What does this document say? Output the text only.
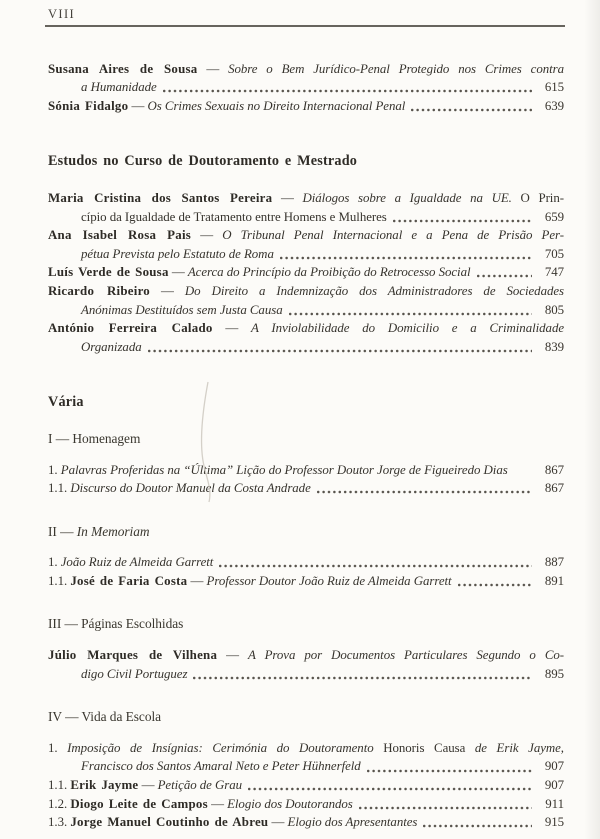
VIII
Susana Aires de Sousa — Sobre o Bem Jurídico-Penal Protegido nos Crimes contra
a Humanidade	615
Sónia Fidalgo — Os Crimes Sexuais no Direito Internacional Penal	639
Estudos no Curso de Doutoramento e Mestrado
Maria Cristina dos Santos Pereira — Diálogos sobre a Igualdade na UE. O Prin-
cípio da Igualdade de Tratamento entre Homens e Mulheres	659
Ana Isabel Rosa Pais — O Tribunal Penal Internacional e a Pena de Prisão Per-
pétua Prevista pelo Estatuto de Roma	705
Luís Verde de Sousa — Acerca do Princípio da Proibição do Retrocesso Social	747
Ricardo Ribeiro — Do Direito a Indemnização dos Administradores de Sociedades
Anónimas Destituídos sem Justa Causa	805
António Ferreira Calado — A Inviolabilidade do Domicilio e a Criminalidade
Organizada	839
Vária
I — Homenagem
1. Palavras Proferidas na “Última” Lição do Professor Doutor Jorge de Figueiredo Dias	867
1.1. Discurso do Doutor Manuel da Costa Andrade	867
II — In Memoriam
1. João Ruiz de Almeida Garrett	887
1.1. José de Faria Costa — Professor Doutor João Ruiz de Almeida Garrett	891
III — Páginas Escolhidas
Júlio Marques de Vilhena — A Prova por Documentos Particulares Segundo o Co-
digo Civil Portuguez	895
IV — Vida da Escola
1. Imposição de Insígnias: Cerimónia do Doutoramento Honoris Causa de Erik Jayme,
Francisco dos Santos Amaral Neto e Peter Hühnerfeld	907
1.1. Erik Jayme — Petição de Grau	907
1.2. Diogo Leite de Campos — Elogio dos Doutorandos	911
1.3. Jorge Manuel Coutinho de Abreu — Elogio dos Apresentantes	915
